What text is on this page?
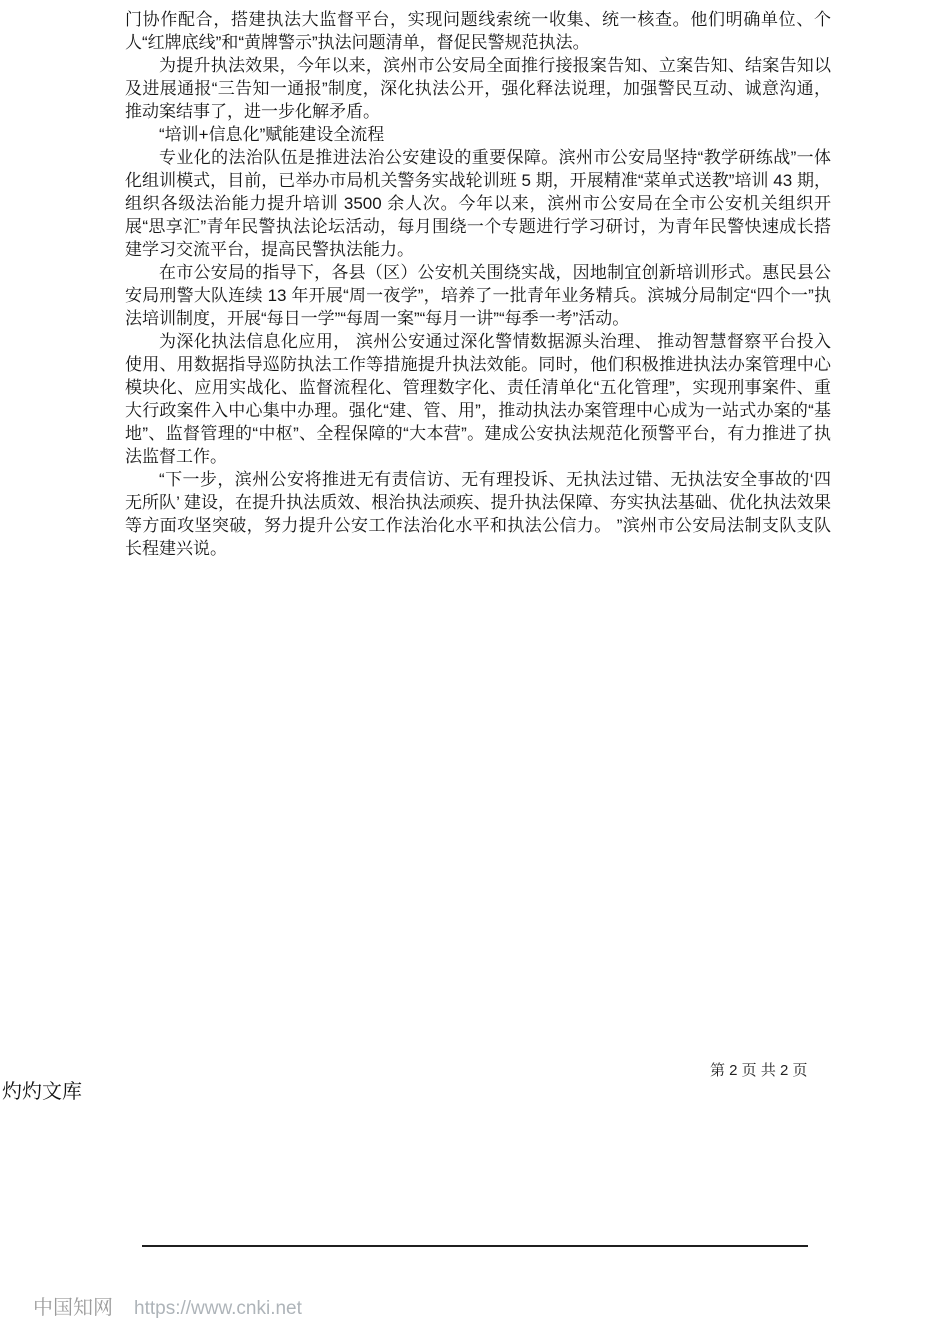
门协作配合，搭建执法大监督平台，实现问题线索统一收集、统一核查。他们明确单位、个人“红牌底线”和“黄牌警示”执法问题清单，督促民警规范执法。

为提升执法效果，今年以来，滨州市公安局全面推行接报案告知、立案告知、结案告知以及进展通报“三告知一通报”制度，深化执法公开，强化释法说理，加强警民互动、诚意沟通，推动案结事了，进一步化解矛盾。

“培训+信息化”赋能建设全流程

专业化的法治队伍是推进法治公安建设的重要保障。滨州市公安局坚持“教学研练战”一体化组训模式，目前，已举办市局机关警务实战轮训班 5 期，开展精准“菜单式送教”培训 43 期，组织各级法治能力提升培训 3500 余人次。今年以来，滨州市公安局在全市公安机关组织开展“思享汇”青年民警执法论坛活动，每月围绕一个专题进行学习研讨，为青年民警快速成长搭建学习交流平台，提高民警执法能力。

在市公安局的指导下，各县（区）公安机关围绕实战，因地制宜创新培训形式。惠民县公安局刑警大队连续 13 年开展“周一夜学”，培养了一批青年业务精兵。滨城分局制定“四个一”执法培训制度，开展“每日一学”“每周一案”“每月一讲”“每季一考”活动。

为深化执法信息化应用， 滨州公安通过深化警情数据源头治理、 推动智慧督察平台投入使用、用数据指导巡防执法工作等措施提升执法效能。同时，他们积极推进执法办案管理中心模块化、应用实战化、监督流程化、管理数字化、责任清单化“五化管理”，实现刑事案件、重大行政案件入中心集中办理。强化“建、管、用”，推动执法办案管理中心成为一站式办案的“基地”、监督管理的“中枢”、全程保障的“大本营”。建成公安执法规范化预警平台，有力推进了执法监督工作。

“下一步，滨州公安将推进无有责信访、无有理投诉、无执法过错、无执法安全事故的‘四无所队’ 建设，在提升执法质效、根治执法顽疾、提升执法保障、夯实执法基础、优化执法效果等方面攻坚突破，努力提升公安工作法治化水平和执法公信力。 ”滨州市公安局法制支队支队长程建兴说。

第 2 页 共 2 页
灼灼文库
中国知网 https://www.cnki.net
